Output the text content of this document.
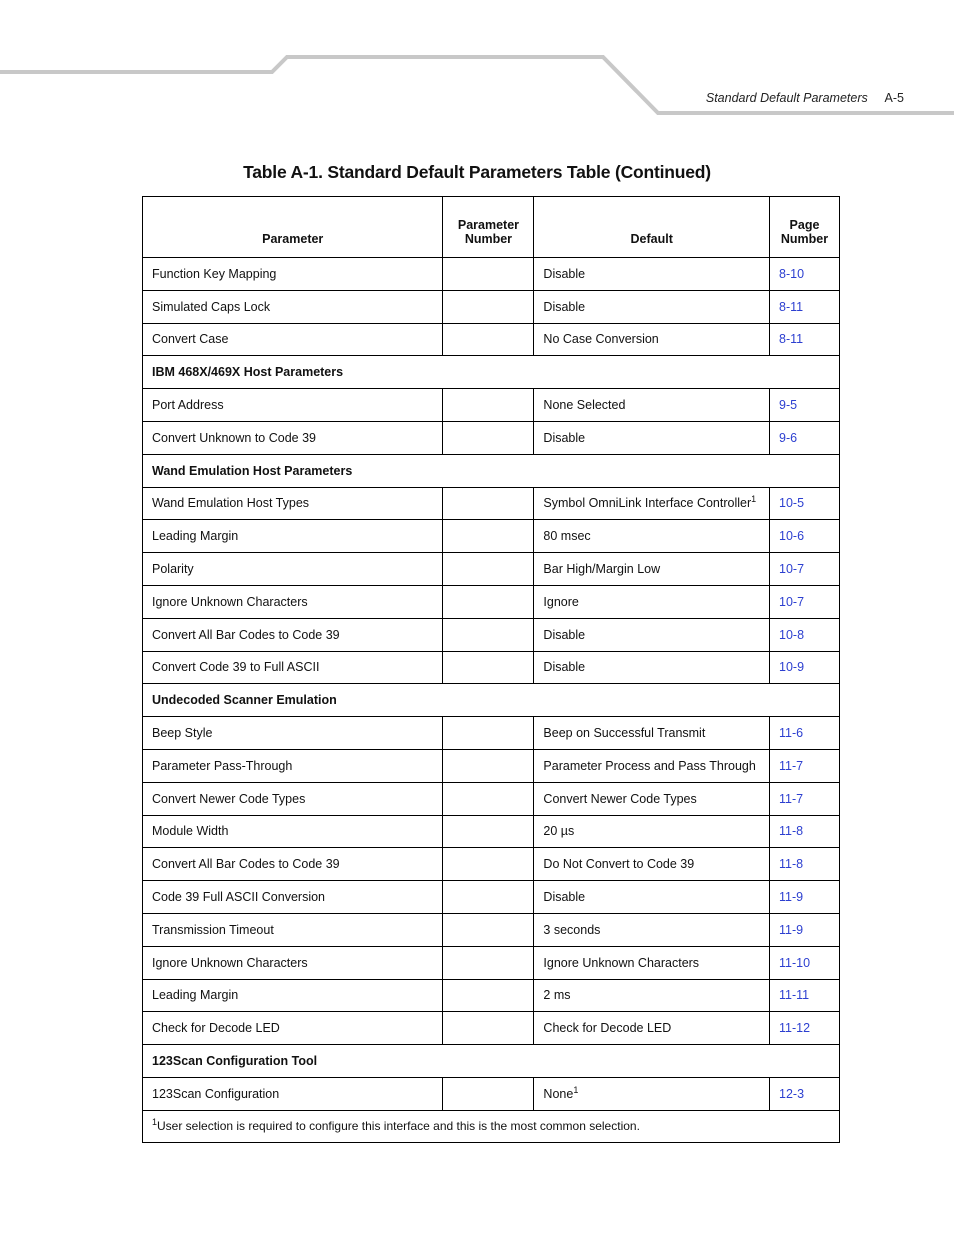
Standard Default Parameters A-5
Table A-1. Standard Default Parameters Table (Continued)
Parameter	Parameter Number	Default	Page Number
Function Key Mapping		Disable	8-10
Simulated Caps Lock		Disable	8-11
Convert Case		No Case Conversion	8-11
IBM 468X/469X Host Parameters			
Port Address		None Selected	9-5
Convert Unknown to Code 39		Disable	9-6
Wand Emulation Host Parameters			
Wand Emulation Host Types		Symbol OmniLink Interface Controller$^1$	10-5
Leading Margin		80 msec	10-6
Polarity		Bar High/Margin Low	10-7
Ignore Unknown Characters		Ignore	10-7
Convert All Bar Codes to Code 39		Disable	10-8
Convert Code 39 to Full ASCII		Disable	10-9
Undecoded Scanner Emulation			
Beep Style		Beep on Successful Transmit	11-6
Parameter Pass-Through		Parameter Process and Pass Through	11-7
Convert Newer Code Types		Convert Newer Code Types	11-7
Module Width		20 µs	11-8
Convert All Bar Codes to Code 39		Do Not Convert to Code 39	11-8
Code 39 Full ASCII Conversion		Disable	11-9
Transmission Timeout		3 seconds	11-9
Ignore Unknown Characters		Ignore Unknown Characters	11-10
Leading Margin		2 ms	11-11
Check for Decode LED		Check for Decode LED	11-12
123Scan Configuration Tool			
123Scan Configuration		None$^1$	12-3
$^1$User selection is required to configure this interface and this is the most common selection.			
